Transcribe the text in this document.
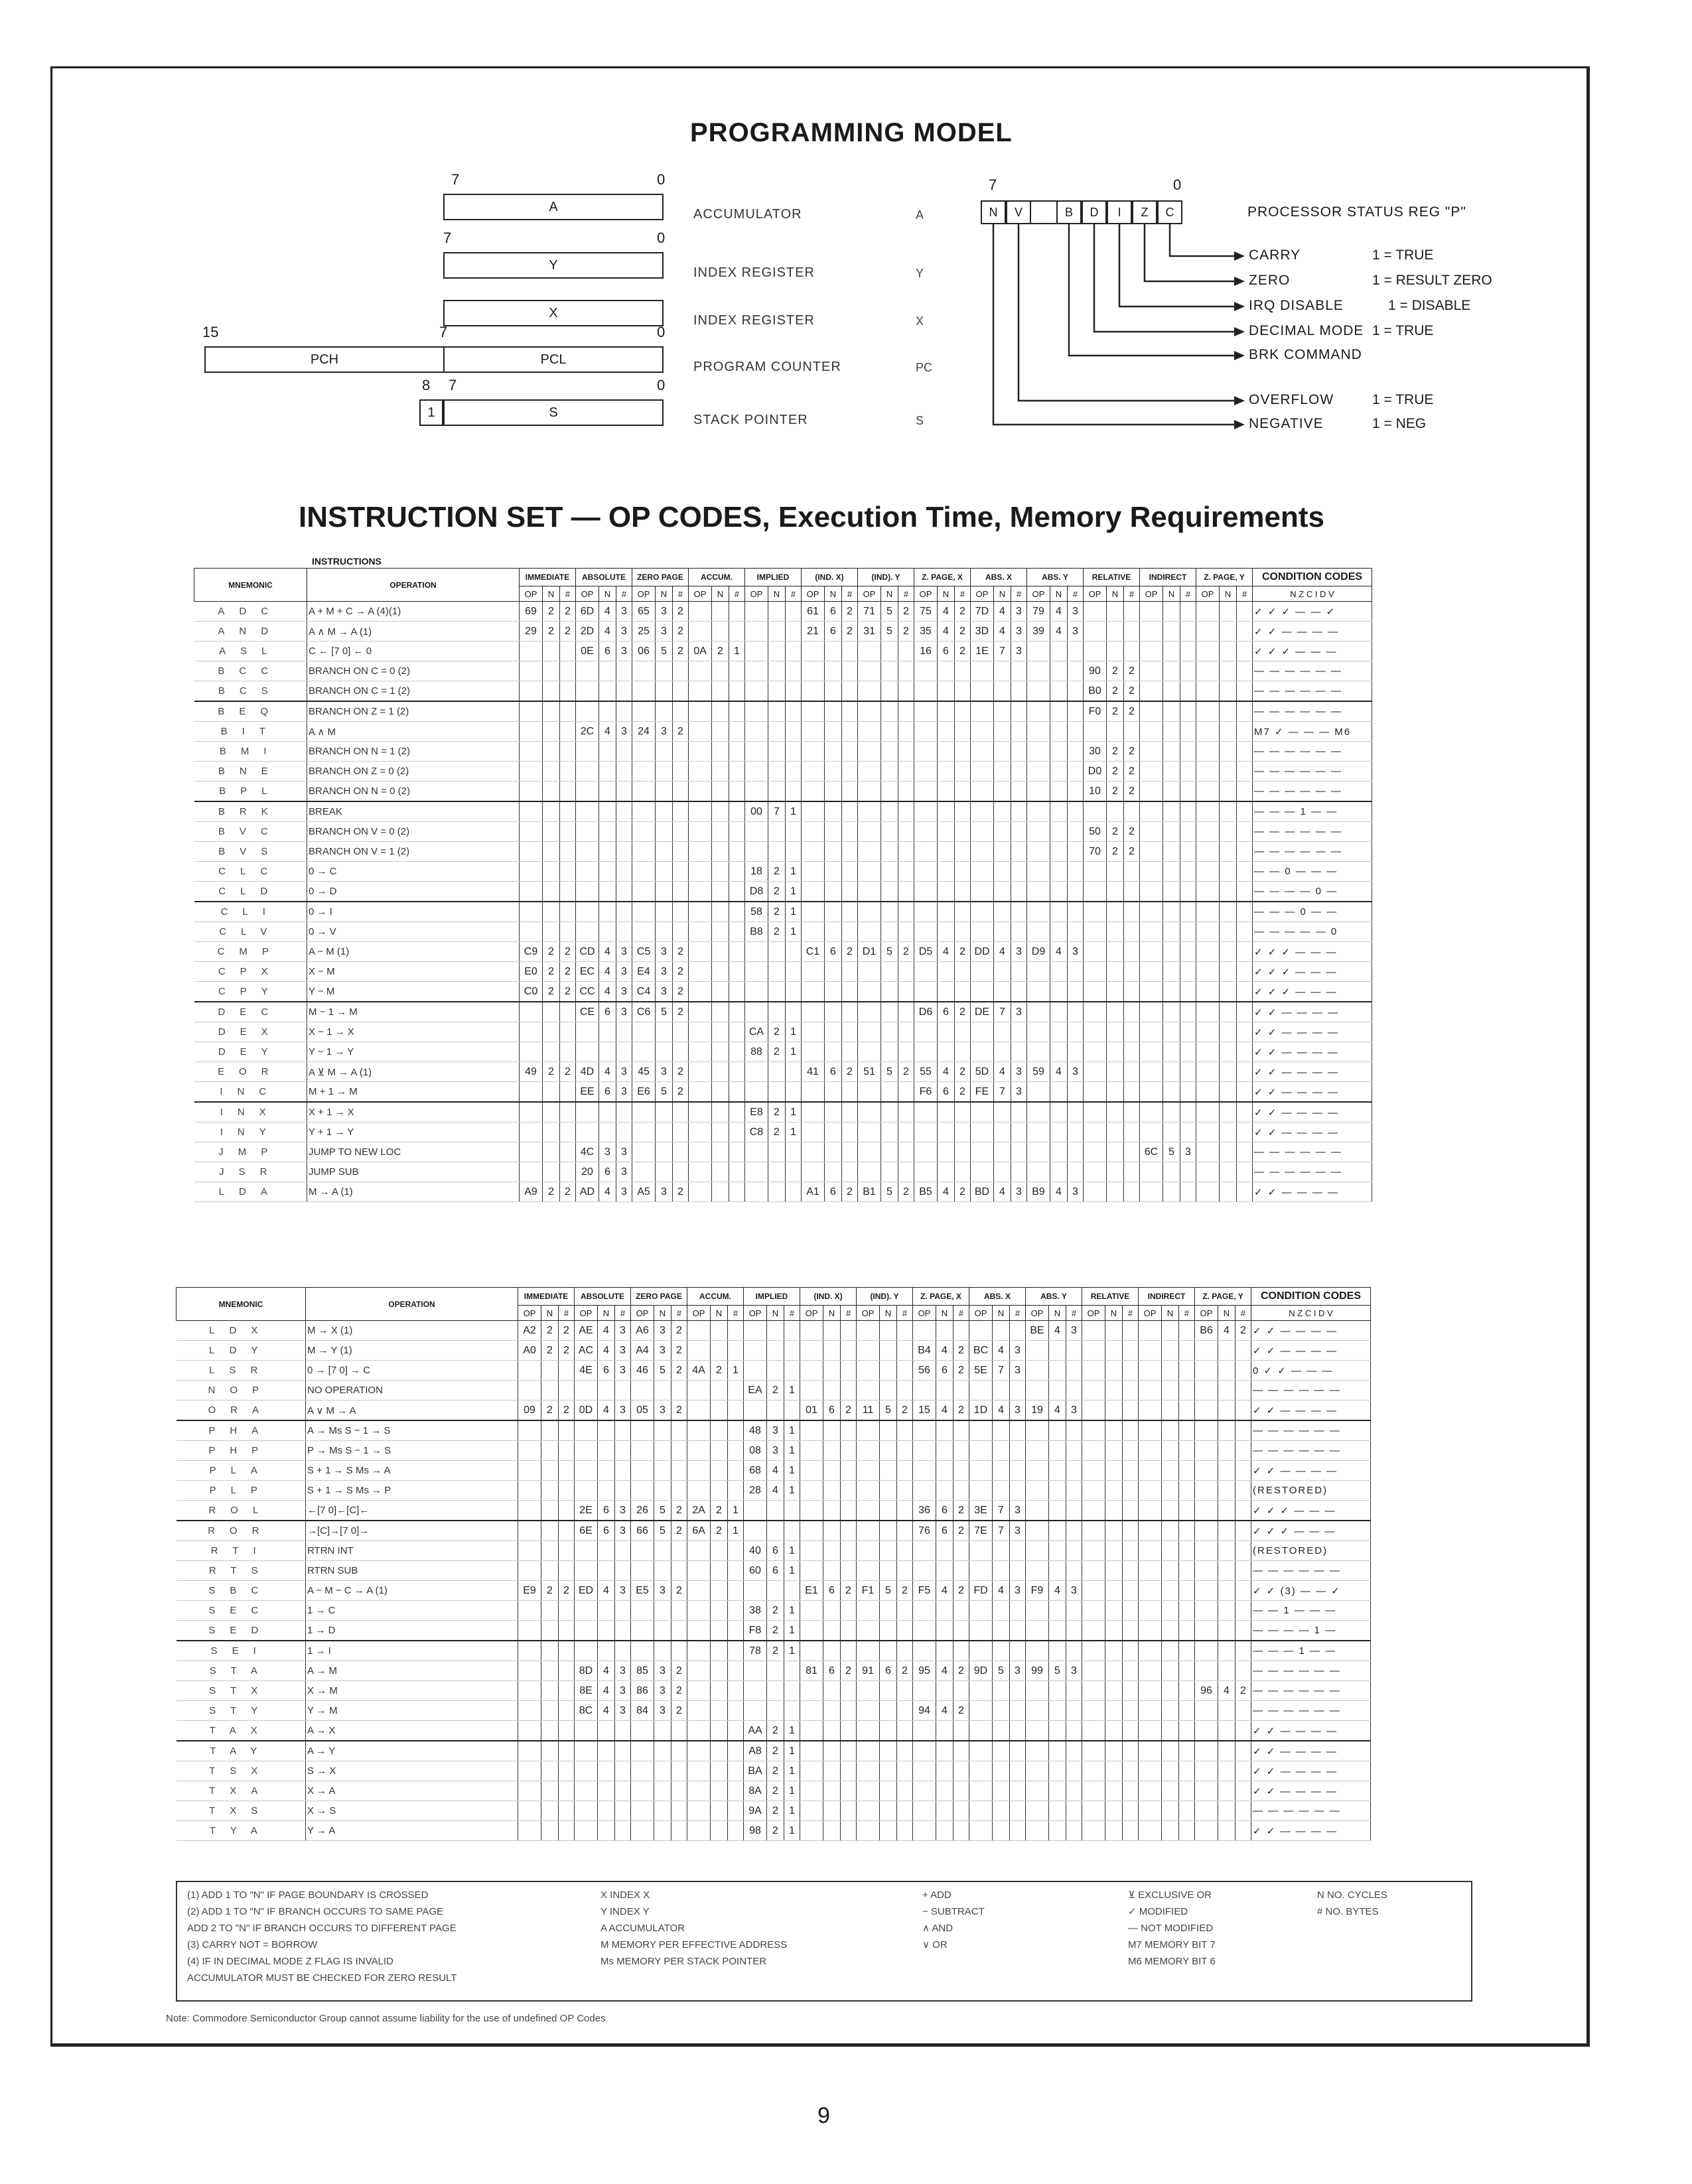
PROGRAMMING MODEL
7	0
A
ACCUMULATOR	A
7	0
Y
INDEX REGISTER	Y
X
INDEX REGISTER	X
15	7	0
PCH	PCL
PROGRAM COUNTER	PC
8 7	0
1	S
STACK POINTER	S
7	0
N	V	B	D	I	Z	C	PROCESSOR STATUS REG "P"
CARRY	1 = TRUE
ZERO	1 = RESULT ZERO
IRQ DISABLE	1 = DISABLE
DECIMAL MODE 1 = TRUE
BRK COMMAND
OVERFLOW	1 = TRUE
NEGATIVE	1 = NEG
INSTRUCTION SET — OP CODES, Execution Time, Memory Requirements
INSTRUCTIONS
MNEMONIC	OPERATION	IMMEDIATE			ABSOLUTE			ZERO PAGE			ACCUM.			IMPLIED			(IND. X)			(IND). Y			Z. PAGE, X			ABS. X			ABS. Y			RELATIVE			INDIRECT			Z. PAGE, Y			CONDITION CODES
		OP	N	#	OP	N	#	OP	N	#	OP	N	#	OP	N	#	OP	N	#	OP	N	#	OP	N	#	OP	N	#	OP	N	#	OP	N	#	OP	N	#	OP	N	#	N Z C I D V
ADC	A + M + C → A (4)(1)	69	2	2	6D	4	3	65	3	2							61	6	2	71	5	2	75	4	2	7D	4	3	79	4	3										✓ ✓ ✓ — — ✓
AND	A ∧ M → A (1)	29	2	2	2D	4	3	25	3	2							21	6	2	31	5	2	35	4	2	3D	4	3	39	4	3										✓ ✓ — — — —
ASL	C ← [7 0] ← 0				0E	6	3	06	5	2	0A	2	1										16	6	2	1E	7	3													✓ ✓ ✓ — — —
BCC	BRANCH ON C = 0 (2)																															90	2	2							— — — — — —
BCS	BRANCH ON C = 1 (2)																															B0	2	2							— — — — — —
BEQ	BRANCH ON Z = 1 (2)																															F0	2	2							— — — — — —
BIT	A ∧ M				2C	4	3	24	3	2																															M7 ✓ — — — M6
BMI	BRANCH ON N = 1 (2)																															30	2	2							— — — — — —
BNE	BRANCH ON Z = 0 (2)																															D0	2	2							— — — — — —
BPL	BRANCH ON N = 0 (2)																															10	2	2							— — — — — —
BRK	BREAK													00	7	1																									— — — 1 — —
BVC	BRANCH ON V = 0 (2)																															50	2	2							— — — — — —
BVS	BRANCH ON V = 1 (2)																															70	2	2							— — — — — —
CLC	0 → C													18	2	1																									— — 0 — — —
CLD	0 → D													D8	2	1																									— — — — 0 —
CLI	0 → I													58	2	1																									— — — 0 — —
CLV	0 → V													B8	2	1																									— — — — — 0
CMP	A − M (1)	C9	2	2	CD	4	3	C5	3	2							C1	6	2	D1	5	2	D5	4	2	DD	4	3	D9	4	3										✓ ✓ ✓ — — —
CPX	X − M	E0	2	2	EC	4	3	E4	3	2																															✓ ✓ ✓ — — —
CPY	Y − M	C0	2	2	CC	4	3	C4	3	2																															✓ ✓ ✓ — — —
DEC	M − 1 → M				CE	6	3	C6	5	2													D6	6	2	DE	7	3													✓ ✓ — — — —
DEX	X − 1 → X													CA	2	1																									✓ ✓ — — — —
DEY	Y − 1 → Y													88	2	1																									✓ ✓ — — — —
EOR	A ⊻ M → A (1)	49	2	2	4D	4	3	45	3	2							41	6	2	51	5	2	55	4	2	5D	4	3	59	4	3										✓ ✓ — — — —
INC	M + 1 → M				EE	6	3	E6	5	2													F6	6	2	FE	7	3													✓ ✓ — — — —
INX	X + 1 → X													E8	2	1																									✓ ✓ — — — —
INY	Y + 1 → Y													C8	2	1																									✓ ✓ — — — —
JMP	JUMP TO NEW LOC				4C	3	3																												6C	5	3				— — — — — —
JSR	JUMP SUB				20	6	3																																		— — — — — —
LDA	M → A (1)	A9	2	2	AD	4	3	A5	3	2							A1	6	2	B1	5	2	B5	4	2	BD	4	3	B9	4	3										✓ ✓ — — — —
MNEMONIC	OPERATION	IMMEDIATE			ABSOLUTE			ZERO PAGE			ACCUM.			IMPLIED			(IND. X)			(IND). Y			Z. PAGE, X			ABS. X			ABS. Y			RELATIVE			INDIRECT			Z. PAGE, Y			CONDITION CODES
		OP	N	#	OP	N	#	OP	N	#	OP	N	#	OP	N	#	OP	N	#	OP	N	#	OP	N	#	OP	N	#	OP	N	#	OP	N	#	OP	N	#	OP	N	#	N Z C I D V
LDX	M → X (1)	A2	2	2	AE	4	3	A6	3	2																			BE	4	3							B6	4	2	✓ ✓ — — — —
LDY	M → Y (1)	A0	2	2	AC	4	3	A4	3	2													B4	4	2	BC	4	3													✓ ✓ — — — —
LSR	0 → [7 0] → C				4E	6	3	46	5	2	4A	2	1										56	6	2	5E	7	3													0 ✓ ✓ — — —
NOP	NO OPERATION													EA	2	1																									— — — — — —
ORA	A ∨ M → A	09	2	2	0D	4	3	05	3	2							01	6	2	11	5	2	15	4	2	1D	4	3	19	4	3										✓ ✓ — — — —
PHA	A → Ms S − 1 → S													48	3	1																									— — — — — —
PHP	P → Ms S − 1 → S													08	3	1																									— — — — — —
PLA	S + 1 → S Ms → A													68	4	1																									✓ ✓ — — — —
PLP	S + 1 → S Ms → P													28	4	1																									(RESTORED)
ROL	←[7 0]←[C]←				2E	6	3	26	5	2	2A	2	1										36	6	2	3E	7	3													✓ ✓ ✓ — — —
ROR	→[C]→[7 0]→				6E	6	3	66	5	2	6A	2	1										76	6	2	7E	7	3													✓ ✓ ✓ — — —
RTI	RTRN INT													40	6	1																									(RESTORED)
RTS	RTRN SUB													60	6	1																									— — — — — —
SBC	A − M − C → A (1)	E9	2	2	ED	4	3	E5	3	2							E1	6	2	F1	5	2	F5	4	2	FD	4	3	F9	4	3										✓ ✓ (3) — — ✓
SEC	1 → C													38	2	1																									— — 1 — — —
SED	1 → D													F8	2	1																									— — — — 1 —
SEI	1 → I													78	2	1																									— — — 1 — —
STA	A → M				8D	4	3	85	3	2							81	6	2	91	6	2	95	4	2	9D	5	3	99	5	3										— — — — — —
STX	X → M				8E	4	3	86	3	2																												96	4	2	— — — — — —
STY	Y → M				8C	4	3	84	3	2													94	4	2																— — — — — —
TAX	A → X													AA	2	1																									✓ ✓ — — — —
TAY	A → Y													A8	2	1																									✓ ✓ — — — —
TSX	S → X													BA	2	1																									✓ ✓ — — — —
TXA	X → A													8A	2	1																									✓ ✓ — — — —
TXS	X → S													9A	2	1																									— — — — — —
TYA	Y → A													98	2	1																									✓ ✓ — — — —
(1) ADD 1 TO "N" IF PAGE BOUNDARY IS CROSSED
(2) ADD 1 TO "N" IF BRANCH OCCURS TO SAME PAGE
ADD 2 TO "N" IF BRANCH OCCURS TO DIFFERENT PAGE
(3) CARRY NOT = BORROW
(4) IF IN DECIMAL MODE Z FLAG IS INVALID
ACCUMULATOR MUST BE CHECKED FOR ZERO RESULT
X INDEX X
Y INDEX Y
A ACCUMULATOR
M MEMORY PER EFFECTIVE ADDRESS
Ms MEMORY PER STACK POINTER
+ ADD
− SUBTRACT
∧ AND
∨ OR
⊻ EXCLUSIVE OR
✓ MODIFIED
— NOT MODIFIED
M7 MEMORY BIT 7
M6 MEMORY BIT 6
N NO. CYCLES
# NO. BYTES
Note: Commodore Semiconductor Group cannot assume liability for the use of undefined OP Codes
9
